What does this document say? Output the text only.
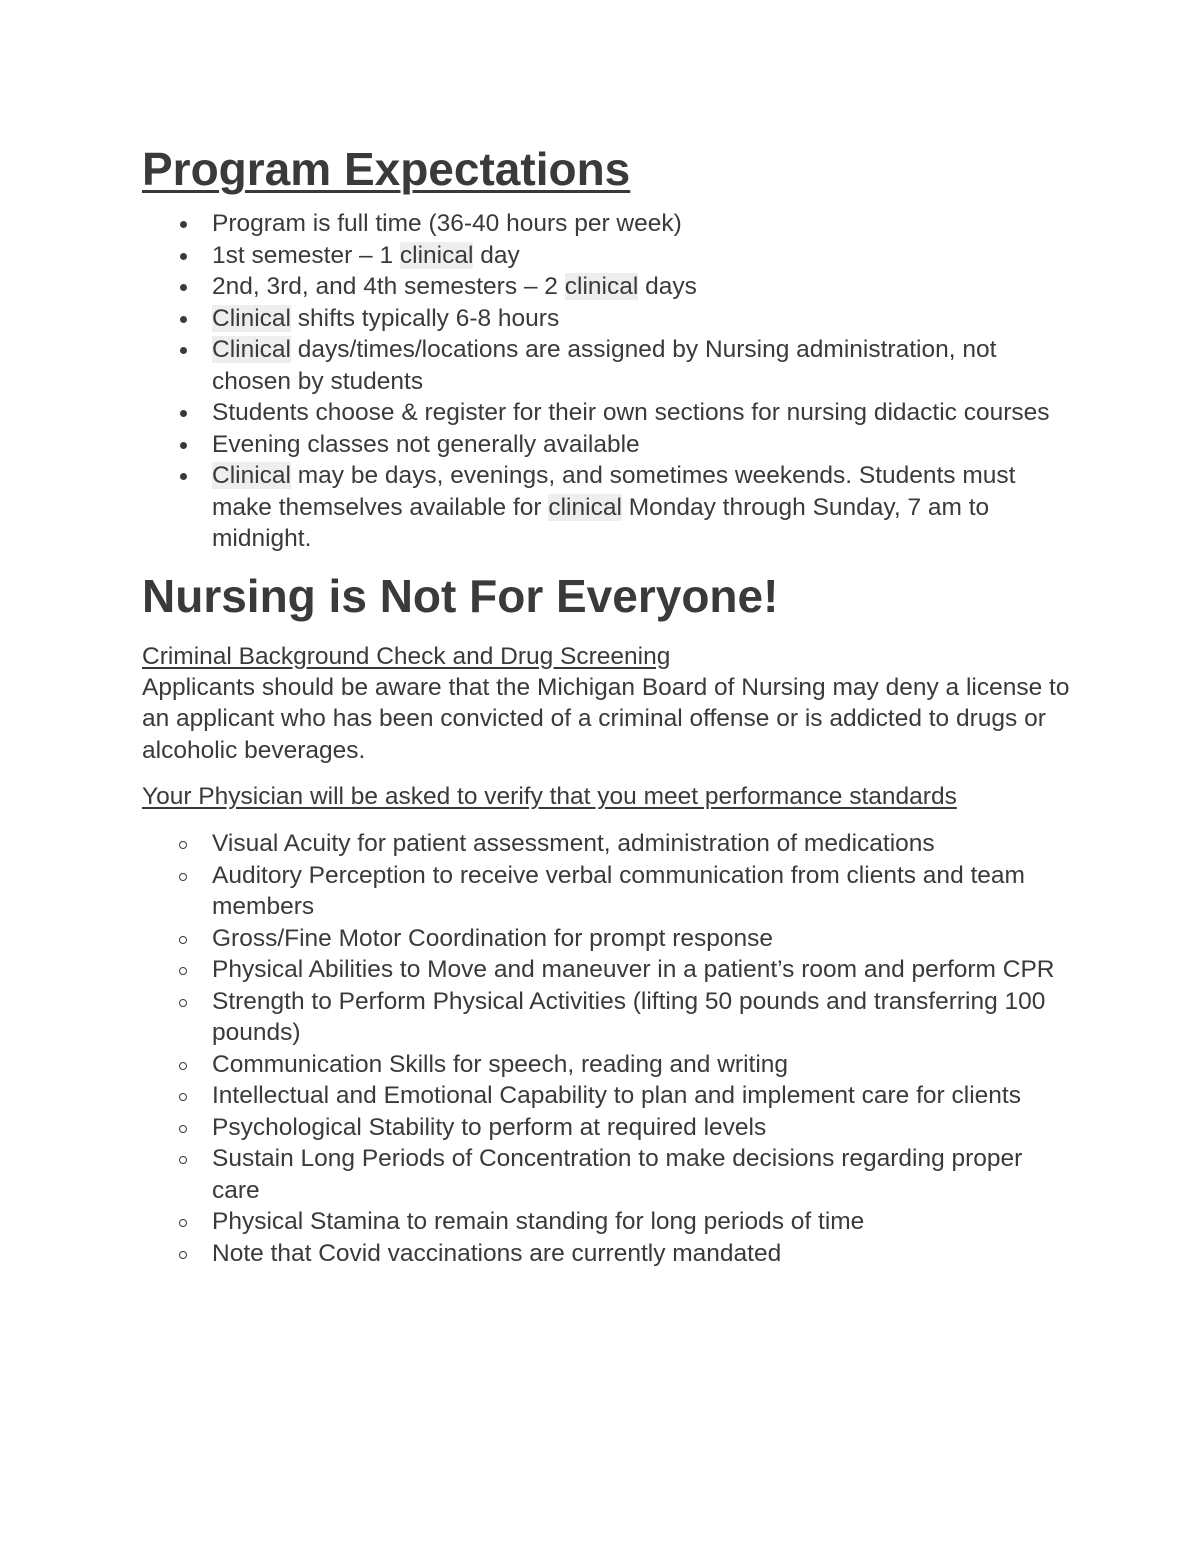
Program Expectations
Program is full time (36-40 hours per week)
1st semester – 1 clinical day
2nd, 3rd, and 4th semesters – 2 clinical days
Clinical shifts typically 6-8 hours
Clinical days/times/locations are assigned by Nursing administration, not chosen by students
Students choose & register for their own sections for nursing didactic courses
Evening classes not generally available
Clinical may be days, evenings, and sometimes weekends. Students must make themselves available for clinical Monday through Sunday, 7 am to midnight.
Nursing is Not For Everyone!

Criminal Background Check and Drug Screening

Applicants should be aware that the Michigan Board of Nursing may deny a license to an applicant who has been convicted of a criminal offense or is addicted to drugs or alcoholic beverages.

Your Physician will be asked to verify that you meet performance standards

Visual Acuity for patient assessment, administration of medications
Auditory Perception to receive verbal communication from clients and team members
Gross/Fine Motor Coordination for prompt response
Physical Abilities to Move and maneuver in a patient’s room and perform CPR
Strength to Perform Physical Activities (lifting 50 pounds and transferring 100 pounds)
Communication Skills for speech, reading and writing
Intellectual and Emotional Capability to plan and implement care for clients
Psychological Stability to perform at required levels
Sustain Long Periods of Concentration to make decisions regarding proper care
Physical Stamina to remain standing for long periods of time
Note that Covid vaccinations are currently mandated
